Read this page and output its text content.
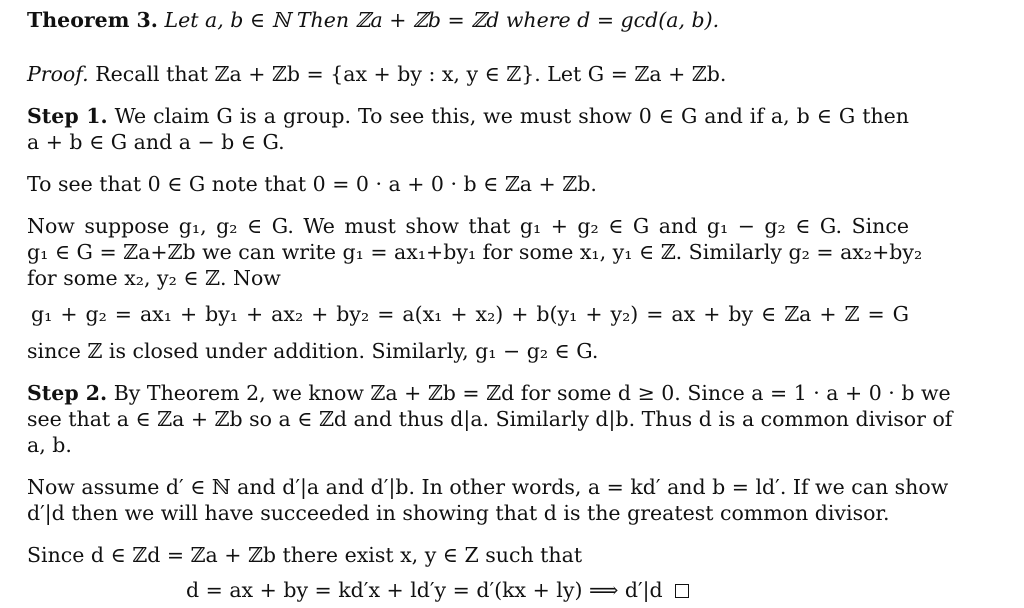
Theorem 3. Let a, b ∈ ℕ Then ℤa + ℤb = ℤd where d = gcd(a, b).
Proof. Recall that ℤa + ℤb = {ax + by : x, y ∈ ℤ}. Let G = ℤa + ℤb.
Step 1. We claim G is a group. To see this, we must show 0 ∈ G and if a, b ∈ G then
a + b ∈ G and a − b ∈ G.
To see that 0 ∈ G note that 0 = 0 · a + 0 · b ∈ ℤa + ℤb.
Now suppose g₁, g₂ ∈ G. We must show that g₁ + g₂ ∈ G and g₁ − g₂ ∈ G. Since
g₁ ∈ G = ℤa+ℤb we can write g₁ = ax₁+by₁ for some x₁, y₁ ∈ ℤ. Similarly g₂ = ax₂+by₂
for some x₂, y₂ ∈ ℤ. Now
g₁ + g₂ = ax₁ + by₁ + ax₂ + by₂ = a(x₁ + x₂) + b(y₁ + y₂) = ax + by ∈ ℤa + ℤ = G
since ℤ is closed under addition. Similarly, g₁ − g₂ ∈ G.
Step 2. By Theorem 2, we know ℤa + ℤb = ℤd for some d ≥ 0. Since a = 1 · a + 0 · b we
see that a ∈ ℤa + ℤb so a ∈ ℤd and thus d|a. Similarly d|b. Thus d is a common divisor of
a, b.
Now assume d′ ∈ ℕ and d′|a and d′|b. In other words, a = kd′ and b = ld′. If we can show
d′|d then we will have succeeded in showing that d is the greatest common divisor.
Since d ∈ ℤd = ℤa + ℤb there exist x, y ∈ Z such that
d = ax + by = kd′x + ld′y = d′(kx + ly) ⟹ d′|d
